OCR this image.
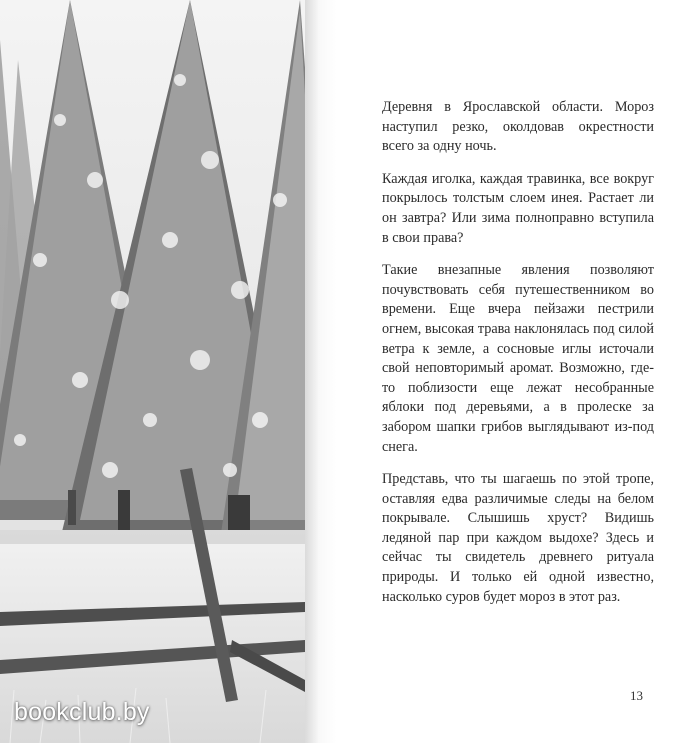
Деревня в Ярославской области. Мороз наступил резко, околдовав окрестности всего за одну ночь.

Каждая иголка, каждая травинка, все вокруг покрылось толстым слоем инея. Растает ли он завтра? Или зима полноправно вступила в свои права?

Такие внезапные явления позволяют почувствовать себя путешественником во времени. Еще вчера пейзажи пестрили огнем, высокая трава наклонялась под силой ветра к земле, а сосновые иглы источали свой неповторимый аромат. Возможно, где-то поблизости еще лежат несобранные яблоки под деревьями, а в пролеске за забором шапки грибов выглядывают из-под снега.

Представь, что ты шагаешь по этой тропе, оставляя едва различимые следы на белом покрывале. Слышишь хруст? Видишь ледяной пар при каждом выдохе? Здесь и сейчас ты свидетель древнего ритуала природы. И только ей одной известно, насколько суров будет мороз в этот раз.

13
bookclub.by
